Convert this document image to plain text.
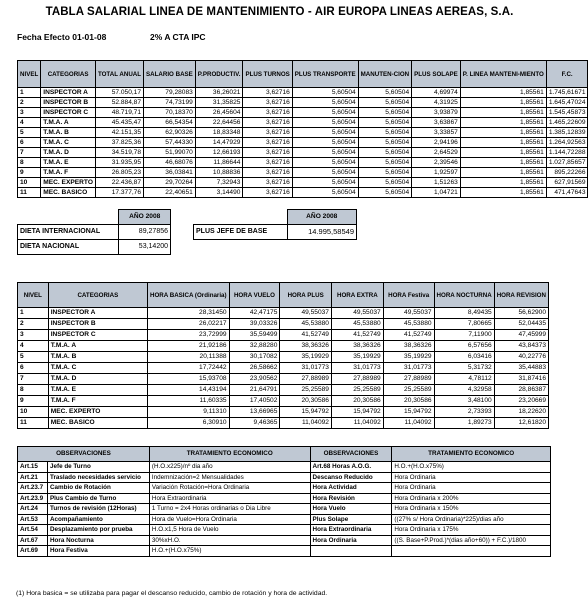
TABLA SALARIAL LINEA DE MANTENIMIENTO - AIR EUROPA LINEAS AEREAS, S.A.
Fecha Efecto 01-01-08	2% A CTA IPC
NIVEL	CATEGORIAS	TOTAL ANUAL	SALARIO BASE	P.PRODUCTIV.	PLUS TURNOS	PLUS TRANSPORTE	MANUTEN-CION	PLUS SOLAPE	P. LINEA MANTENI-MIENTO	F.C.
1	INSPECTOR A	57.050,17	79,28083	36,26021	3,62716	5,60504	5,60504	4,69974	1,85561	1.745,61671
2	INSPECTOR B	52.884,87	74,73199	31,35825	3,62716	5,60504	5,60504	4,31925	1,85561	1.645,47024
3	INSPECTOR C	48.719,71	70,18370	26,45604	3,62716	5,60504	5,60504	3,93879	1,85561	1.545,45873
4	T.M.A. A	45.435,47	66,54354	22,64456	3,62716	5,60504	5,60504	3,63867	1,85561	1.465,22609
5	T.M.A. B	42.151,35	62,90326	18,83348	3,62716	5,60504	5,60504	3,33857	1,85561	1.385,12839
6	T.M.A. C	37.825,36	57,44330	14,47929	3,62716	5,60504	5,60504	2,94196	1,85561	1.264,92563
7	T.M.A. D	34.519,78	51,99070	12,66193	3,62716	5,60504	5,60504	2,64529	1,85561	1.144,72288
8	T.M.A. E	31.935,95	46,68076	11,86644	3,62716	5,60504	5,60504	2,39546	1,85561	1.027,85657
9	T.M.A. F	26.805,23	36,03841	10,88836	3,62716	5,60504	5,60504	1,92597	1,85561	895,22266
10	MEC. EXPERTO	22.436,87	29,70264	7,32943	3,62716	5,60504	5,60504	1,51263	1,85561	627,91569
11	MEC. BASICO	17.377,76	22,40651	3,14490	3,62716	5,60504	5,60504	1,04721	1,85561	471,47643
	AÑO 2008
DIETA INTERNACIONAL	89,27856
DIETA NACIONAL	53,14200
	AÑO 2008
PLUS JEFE DE BASE	14.995,58549
NIVEL	CATEGORIAS	HORA BASICA (Ordinaria)	HORA VUELO	HORA PLUS	HORA EXTRA	HORA Festiva	HORA NOCTURNA	HORA REVISION
1	INSPECTOR A	28,31450	42,47175	49,55037	49,55037	49,55037	8,49435	56,62900
2	INSPECTOR B	26,02217	39,03326	45,53880	45,53880	45,53880	7,80665	52,04435
3	INSPECTOR C	23,72999	35,59499	41,52749	41,52749	41,52749	7,11900	47,45999
4	T.M.A. A	21,92186	32,88280	38,36326	38,36326	38,36326	6,57656	43,84373
5	T.M.A. B	20,11388	30,17082	35,19929	35,19929	35,19929	6,03416	40,22776
6	T.M.A. C	17,72442	26,58662	31,01773	31,01773	31,01773	5,31732	35,44883
7	T.M.A. D	15,93708	23,90562	27,88989	27,88989	27,88989	4,78112	31,87416
8	T.M.A. E	14,43194	21,64791	25,25589	25,25589	25,25589	4,32958	28,86387
9	T.M.A. F	11,60335	17,40502	20,30586	20,30586	20,30586	3,48100	23,20669
10	MEC. EXPERTO	9,11310	13,66965	15,94792	15,94792	15,94792	2,73393	18,22620
11	MEC. BASICO	6,30910	9,46365	11,04092	11,04092	11,04092	1,89273	12,61820
OBSERVACIONES		TRATAMIENTO ECONOMICO	OBSERVACIONES	TRATAMIENTO ECONOMICO
Art.15	Jefe de Turno	(H.O.x225)/nº dia año	Art.68 Horas A.O.G.	H.O.+(H.O.x75%)
Art.21	Traslado necesidades servicio	Indemnización=2 Mensualidades	Descanso Reducido	Hora Ordinaria
Art.23.7	Cambio de Rotación	Variación Rotación=Hora Ordinaria	Hora Actividad	Hora Ordinaria
Art.23.9	Plus Cambio de Turno	Hora Extraordinaria	Hora Revisión	Hora Ordinaria x 200%
Art.24	Turnos de revisión (12Horas)	1 Turno = 2x4 Horas ordinarias o Dia Libre	Hora Vuelo	Hora Ordinaria x 150%
Art.53	Acompañamiento	Hora de Vuelo=Hora Ordinaria	Plus Solape	((27% s/ Hora Ordinaria)*225)/dias año
Art.54	Desplazamiento por prueba	H.O.x1,5 Hora de Vuelo	Hora Extraordinaria	Hora Ordinaria x 175%
Art.67	Hora Nocturna	30%xH.O.	Hora Ordinaria	((S. Base+P.Prod.)*(dias año+60)) + F.C.)/1800
Art.69	Hora Festiva	H.O.+(H.O.x75%)		
(1) Hora basica = se utilizaba para pagar el descanso reducido, cambio de rotación y hora de actividad.
